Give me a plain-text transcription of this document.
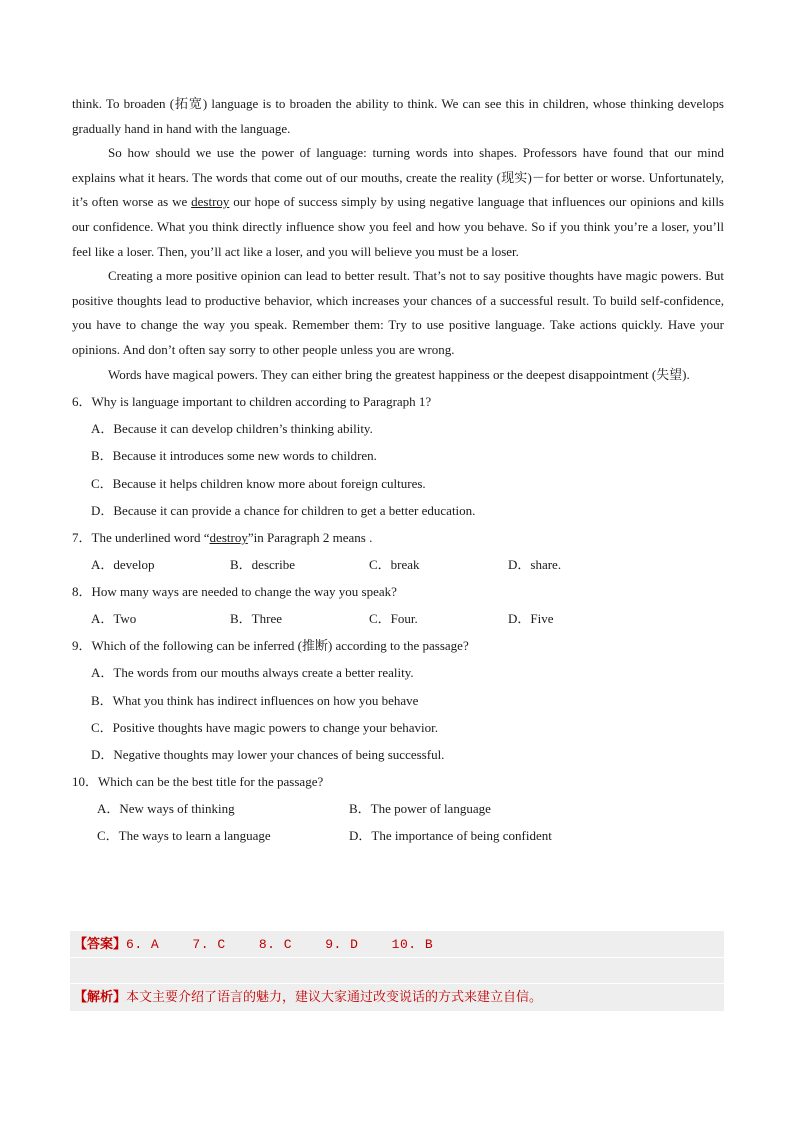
think. To broaden (拓宽) language is to broaden the ability to think. We can see this in children, whose thinking develops gradually hand in hand with the language.

So how should we use the power of language: turning words into shapes. Professors have found that our mind explains what it hears. The words that come out of our mouths, create the reality (现实)－for better or worse. Unfortunately, it’s often worse as we destroy our hope of success simply by using negative language that influences our opinions and kills our confidence. What you think directly influence show you feel and how you behave. So if you think you’re a loser, you’ll feel like a loser. Then, you’ll act like a loser, and you will believe you must be a loser.

Creating a more positive opinion can lead to better result. That’s not to say positive thoughts have magic powers. But positive thoughts lead to productive behavior, which increases your chances of a successful result. To build self-confidence, you have to change the way you speak. Remember them: Try to use positive language. Take actions quickly. Have your opinions. And don’t often say sorry to other people unless you are wrong.

Words have magical powers. They can either bring the greatest happiness or the deepest disappointment (失望).

6．Why is language important to children according to Paragraph 1?

A．Because it can develop children’s thinking ability.

B．Because it introduces some new words to children.

C．Because it helps children know more about foreign cultures.

D．Because it can provide a chance for children to get a better education.

7．The underlined word “destroy”in Paragraph 2 means .

A．develop	B．describe	C．break	D．share.

8．How many ways are needed to change the way you speak?

A．Two	B．Three	C．Four.	D．Five

9．Which of the following can be inferred (推断) according to the passage?

A．The words from our mouths always create a better reality.

B．What you think has indirect influences on how you behave

C．Positive thoughts have magic powers to change your behavior.

D．Negative thoughts may lower your chances of being successful.

10．Which can be the best title for the passage?

A．New ways of thinking	B．The power of language
C．The ways to learn a language	D．The importance of being confident
【答案】6. A    7. C    8. C    9. D    10. B
【解析】本文主要介绍了语言的魅力，建议大家通过改变说话的方式来建立自信。
